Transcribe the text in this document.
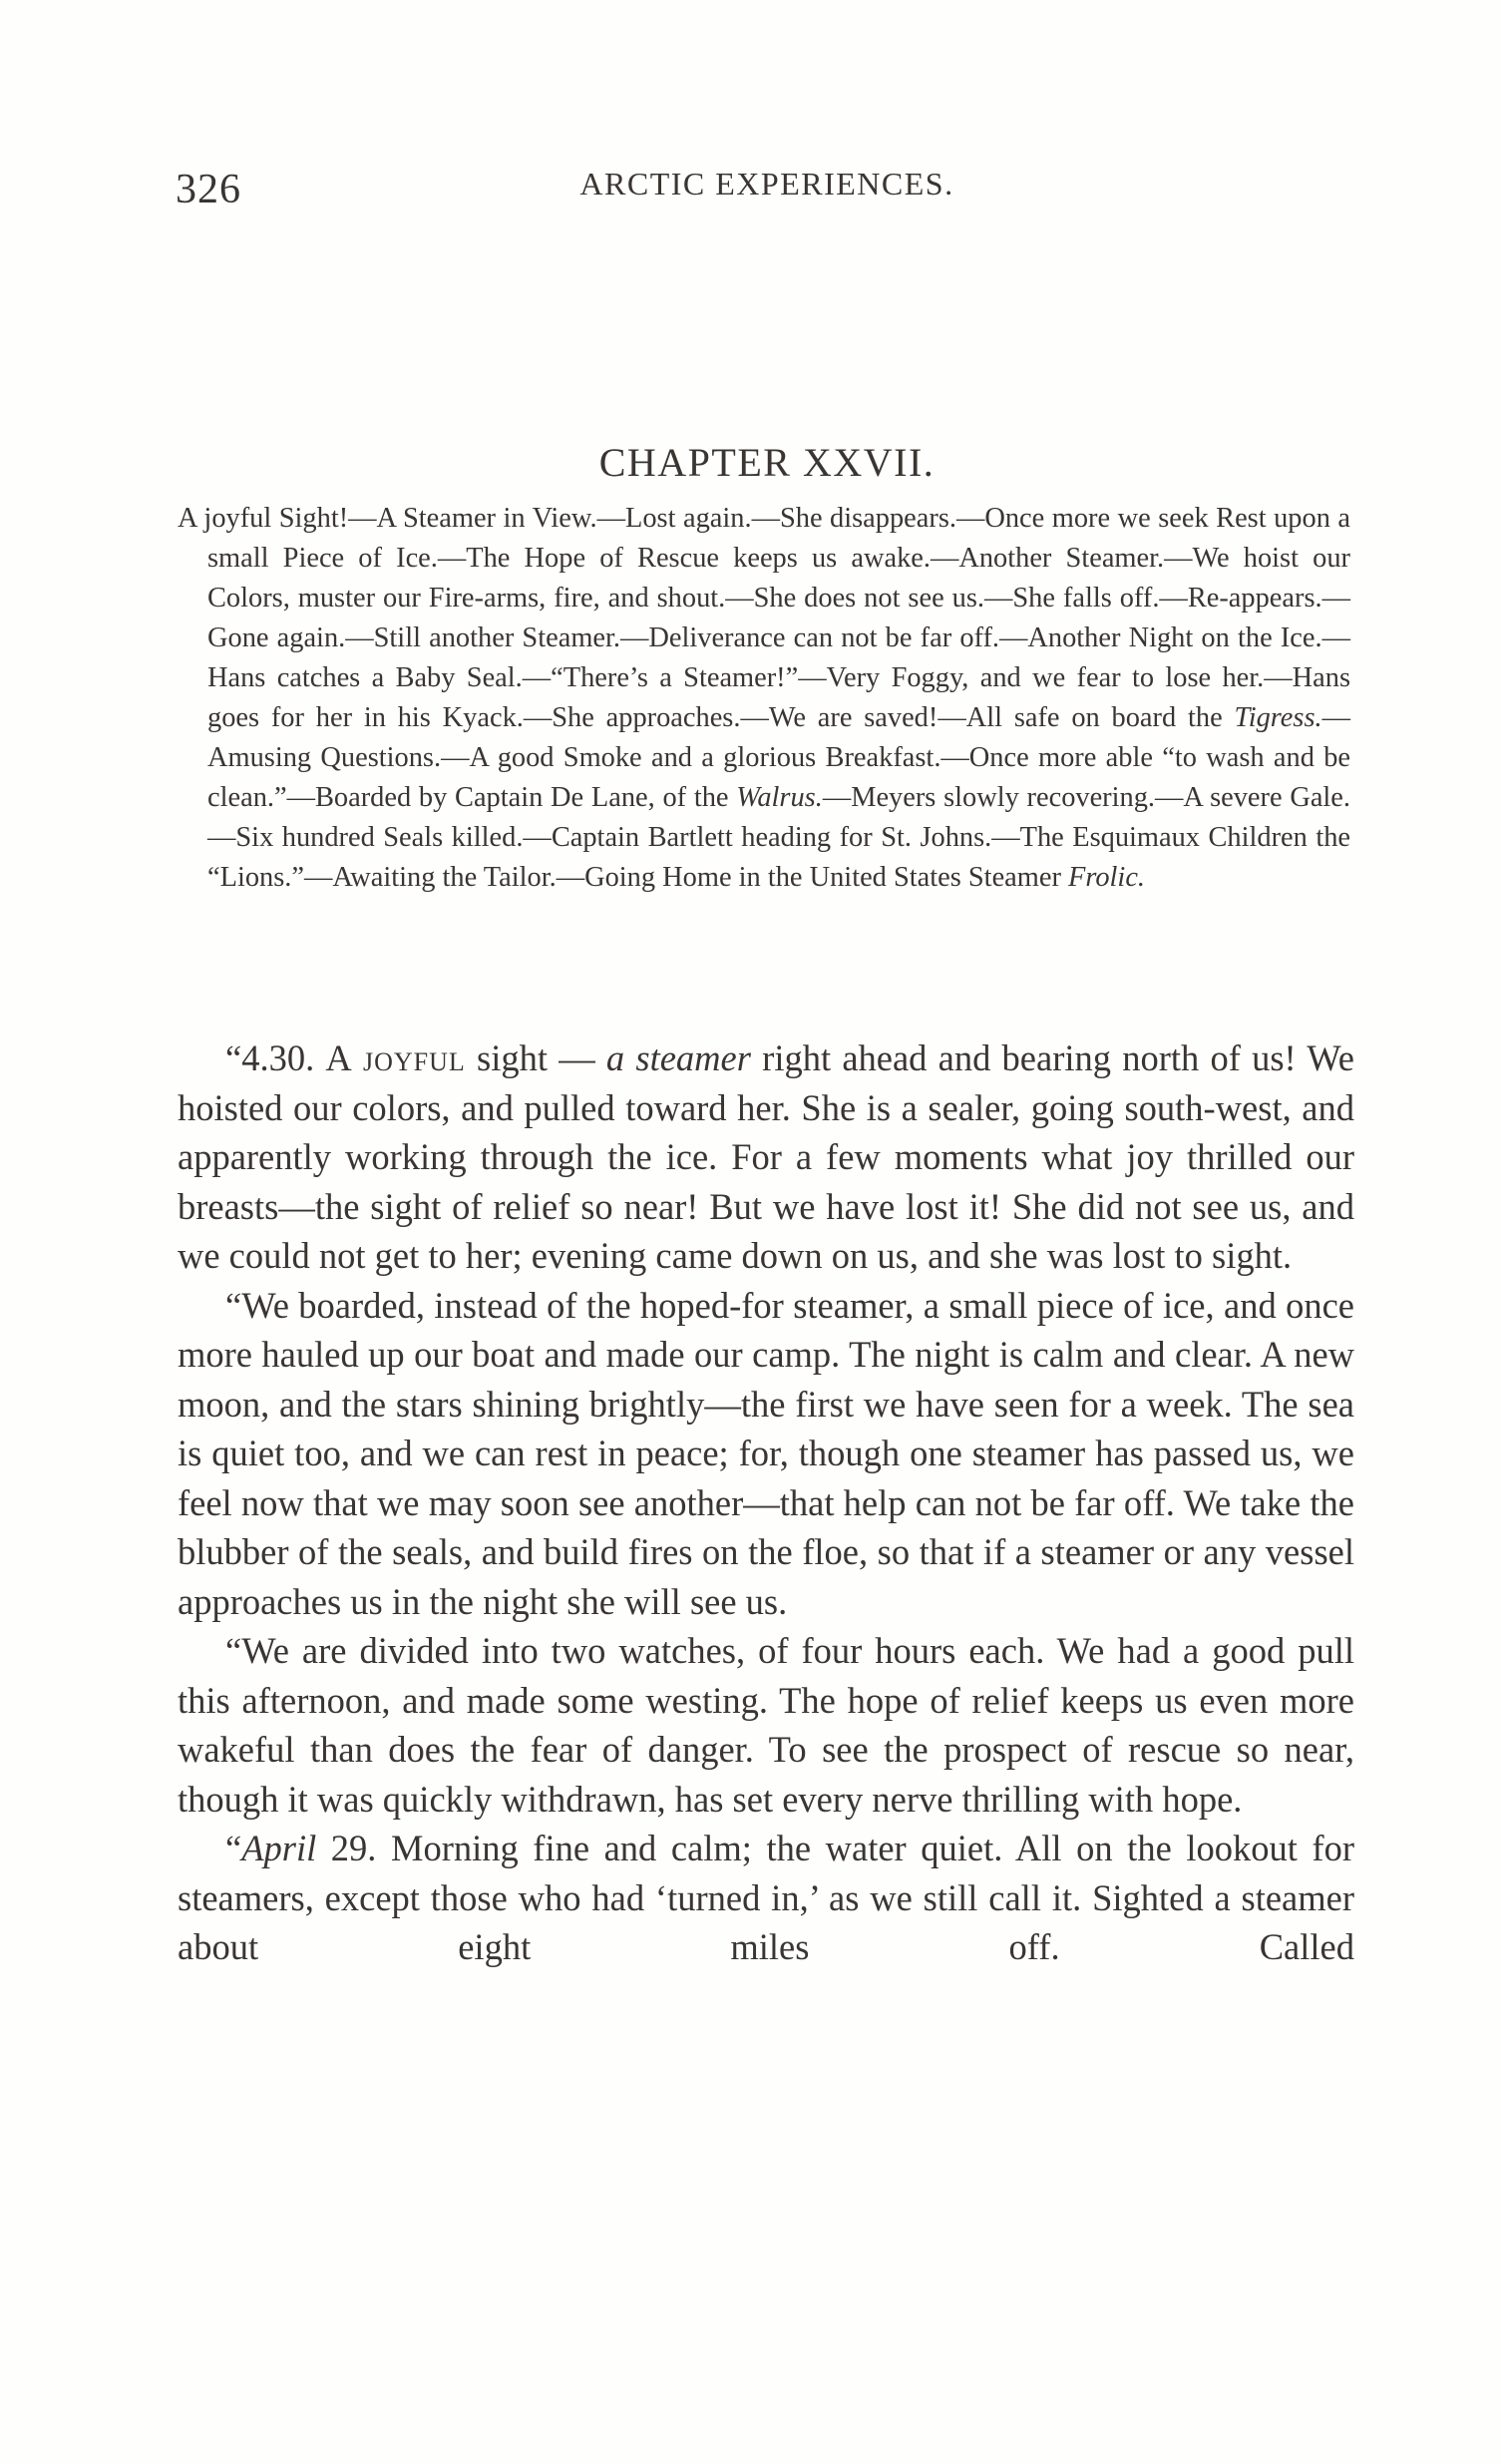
326	ARCTIC EXPERIENCES.
CHAPTER XXVII.
A joyful Sight!—A Steamer in View.—Lost again.—She disappears.—Once more we seek Rest upon a small Piece of Ice.—The Hope of Rescue keeps us awake.—Another Steamer.—We hoist our Colors, muster our Fire-arms, fire, and shout.—She does not see us.—She falls off.—Re-appears.—Gone again.—Still another Steamer.—Deliverance can not be far off.—Another Night on the Ice.—Hans catches a Baby Seal.—“There’s a Steamer!”—Very Foggy, and we fear to lose her.—Hans goes for her in his Kyack.—She approaches.—We are saved!—All safe on board the Tigress.—Amusing Questions.—A good Smoke and a glorious Breakfast.—Once more able “to wash and be clean.”—Boarded by Captain De Lane, of the Walrus.—Meyers slowly recovering.—A severe Gale.—Six hundred Seals killed.—Captain Bartlett heading for St. Johns.—The Esquimaux Children the “Lions.”—Awaiting the Tailor.—Going Home in the United States Steamer Frolic.

“4.30. A joyful sight — a steamer right ahead and bearing north of us! We hoisted our colors, and pulled toward her. She is a sealer, going south-west, and apparently working through the ice. For a few moments what joy thrilled our breasts—the sight of relief so near! But we have lost it! She did not see us, and we could not get to her; evening came down on us, and she was lost to sight.

“We boarded, instead of the hoped-for steamer, a small piece of ice, and once more hauled up our boat and made our camp. The night is calm and clear. A new moon, and the stars shining brightly—the first we have seen for a week. The sea is quiet too, and we can rest in peace; for, though one steamer has passed us, we feel now that we may soon see another—that help can not be far off. We take the blubber of the seals, and build fires on the floe, so that if a steamer or any vessel approaches us in the night she will see us.

“We are divided into two watches, of four hours each. We had a good pull this afternoon, and made some westing. The hope of relief keeps us even more wakeful than does the fear of danger. To see the prospect of rescue so near, though it was quickly withdrawn, has set every nerve thrilling with hope.

“April 29. Morning fine and calm; the water quiet. All on the lookout for steamers, except those who had ‘turned in,’ as we still call it. Sighted a steamer about eight miles off. Called
